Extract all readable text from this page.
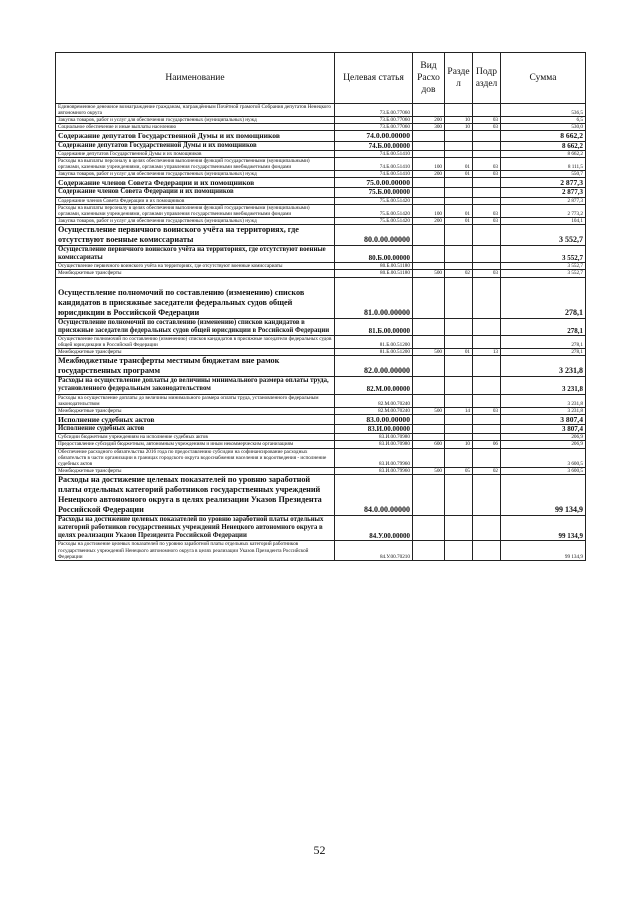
Наименование	Целевая статья	Вид Расхо дов	Разде л	Подр аздел	Сумма
Единовременное денежное вознаграждение гражданам, награждённым Почётной грамотой Собрания депутатов Ненецкого автономного округа	73.Б.00.77060				536,5
Закупка товаров, работ и услуг для обеспечения государственных (муниципальных) нужд	73.Б.00.77060	200	10	03	6,5
Социальное обеспечение и иные выплаты населению	73.Б.00.77060	300	10	03	530,0
Содержание депутатов Государственной Думы и их помощников	74.0.00.00000				8 662,2
Содержание депутатов Государственной Думы и их помощников	74.Б.00.00000				8 662,2
Содержание депутатов Государственной Думы и их помощников	74.Б.00.51410				8 662,2
Расходы на выплаты персоналу в целях обеспечения выполнения функций государственными (муниципальными) органами, казенными учреждениями, органами управления государственными внебюджетными фондами	74.Б.00.51410	100	01	03	8 111,5
Закупка товаров, работ и услуг для обеспечения государственных (муниципальных) нужд	74.Б.00.51410	200	01	03	550,7
Содержание членов Совета Федерации и их помощников	75.0.00.00000				2 877,3
Содержание членов Совета Федерации и их помощников	75.Б.00.00000				2 877,3
Содержание членов Совета Федерации и их помощников	75.Б.00.51420				2 877,3
Расходы на выплаты персоналу в целях обеспечения выполнения функций государственными (муниципальными) органами, казенными учреждениями, органами управления государственными внебюджетными фондами	75.Б.00.51420	100	01	03	2 773,2
Закупка товаров, работ и услуг для обеспечения государственных (муниципальных) нужд	75.Б.00.51420	200	01	03	104,1
Осуществление первичного воинского учёта на территориях, где отсутствуют военные комиссариаты	80.0.00.00000				3 552,7
Осуществление первичного воинского учёта на территориях, где отсутствуют военные комиссариаты	80.Б.00.00000				3 552,7
Осуществление первичного воинского учёта на территориях, где отсутствуют военные комиссариаты	80.Б.00.51180				3 552,7
Межбюджетные трансферты	80.Б.00.51180	500	02	03	3 552,7
Осуществление полномочий по составлению (изменению) списков кандидатов в присяжные заседатели федеральных судов общей юрисдикции в Российской Федерации	81.0.00.00000				278,1
Осуществление полномочий по составлению (изменению) списков кандидатов в присяжные заседатели федеральных судов общей юрисдикции в Российской Федерации	81.Б.00.00000				278,1
Осуществление полномочий по составлению (изменению) списков кандидатов в присяжные заседатели федеральных судов общей юрисдикции в Российской Федерации	81.Б.00.51200				278,1
Межбюджетные трансферты	81.Б.00.51200	500	01	13	278,1
Межбюджетные трансферты местным бюджетам вне рамок государственных программ	82.0.00.00000				3 231,8
Расходы на осуществление доплаты до величины минимального размера оплаты труда, установленного федеральным законодательством	82.М.00.00000				3 231,8
Расходы на осуществление доплаты до величины минимального размера оплаты труда, установленного федеральным законодательством	82.М.00.70240				3 231,8
Межбюджетные трансферты	82.М.00.70240	500	14	03	3 231,8
Исполнение судебных актов	83.0.00.00000				3 807,4
Исполнение судебных актов	83.И.00.00000				3 807,4
Субсидии бюджетным учреждениям на исполнение судебных актов	83.И.00.70980				206,9
Предоставление субсидий бюджетным, автономным учреждениям и иным некоммерческим организациям	83.И.00.70980	600	10	06	206,9
Обеспечение расходного обязательства 2016 года по предоставлению субсидии на софинансирование расходных обязательств в части организации в границах городского округа водоснабжения населения и водоотведения - исполнение судебных актов	83.И.00.79960				3 600,5
Межбюджетные трансферты	83.И.00.79960	500	05	02	3 600,5
Расходы на достижение целевых показателей по уровню заработной платы отдельных категорий работников государственных учреждений Ненецкого автономного округа в целях реализации Указов Президента Российской Федерации	84.0.00.00000				99 134,9
Расходы на достижение целевых показателей по уровню заработной платы отдельных категорий работников государственных учреждений Ненецкого автономного округа в целях реализации Указов Президента Российской Федерации	84.У.00.00000				99 134,9
Расходы на достижение целевых показателей по уровню заработной платы отдельных категорий работников государственных учреждений Ненецкого автономного округа в целях реализации Указов Президента Российской Федерации	84.У.00.70210				99 134,9
52
